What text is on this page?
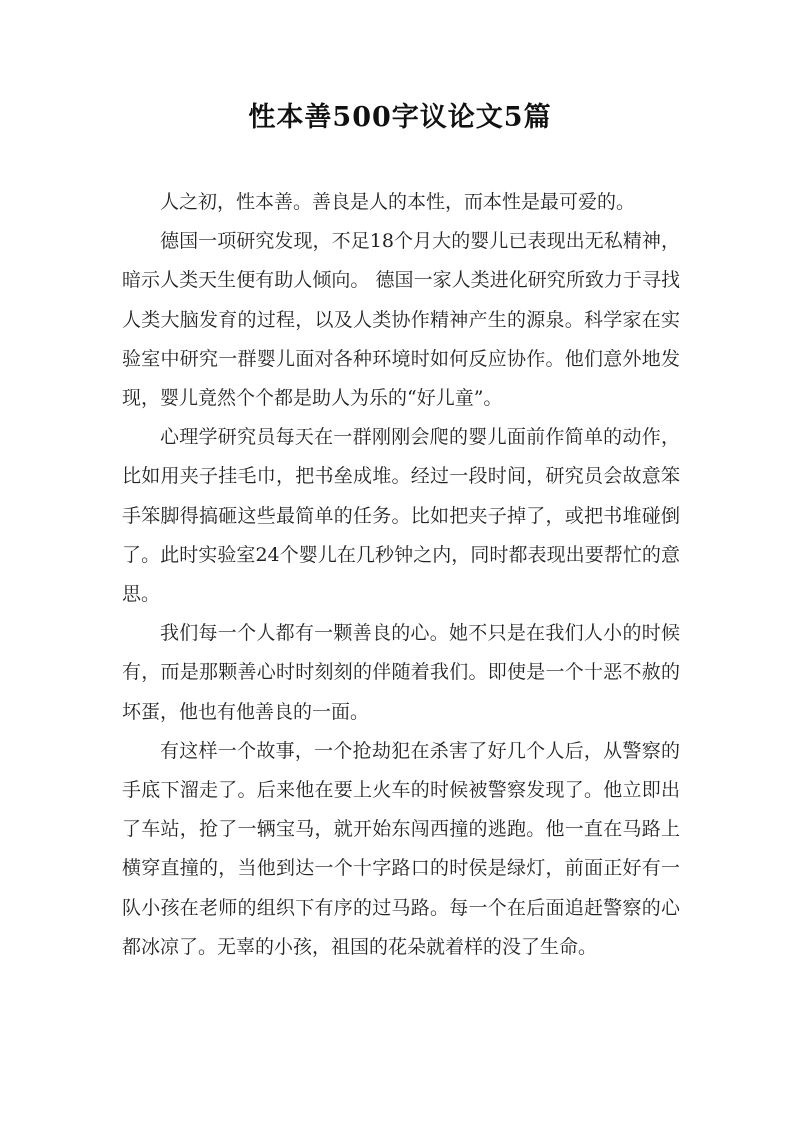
性本善500字议论文5篇

人之初，性本善。善良是人的本性，而本性是最可爱的。

德国一项研究发现，不足18个月大的婴儿已表现出无私精神，暗示人类天生便有助人倾向。 德国一家人类进化研究所致力于寻找人类大脑发育的过程，以及人类协作精神产生的源泉。科学家在实验室中研究一群婴儿面对各种环境时如何反应协作。他们意外地发现，婴儿竟然个个都是助人为乐的“好儿童”。

心理学研究员每天在一群刚刚会爬的婴儿面前作简单的动作，比如用夹子挂毛巾，把书垒成堆。经过一段时间，研究员会故意笨手笨脚得搞砸这些最简单的任务。比如把夹子掉了，或把书堆碰倒了。此时实验室24个婴儿在几秒钟之内，同时都表现出要帮忙的意思。

我们每一个人都有一颗善良的心。她不只是在我们人小的时候有，而是那颗善心时时刻刻的伴随着我们。即使是一个十恶不赦的坏蛋，他也有他善良的一面。

有这样一个故事，一个抢劫犯在杀害了好几个人后，从警察的手底下溜走了。后来他在要上火车的时候被警察发现了。他立即出了车站，抢了一辆宝马，就开始东闯西撞的逃跑。他一直在马路上横穿直撞的，当他到达一个十字路口的时侯是绿灯，前面正好有一队小孩在老师的组织下有序的过马路。每一个在后面追赶警察的心都冰凉了。无辜的小孩，祖国的花朵就着样的没了生命。
